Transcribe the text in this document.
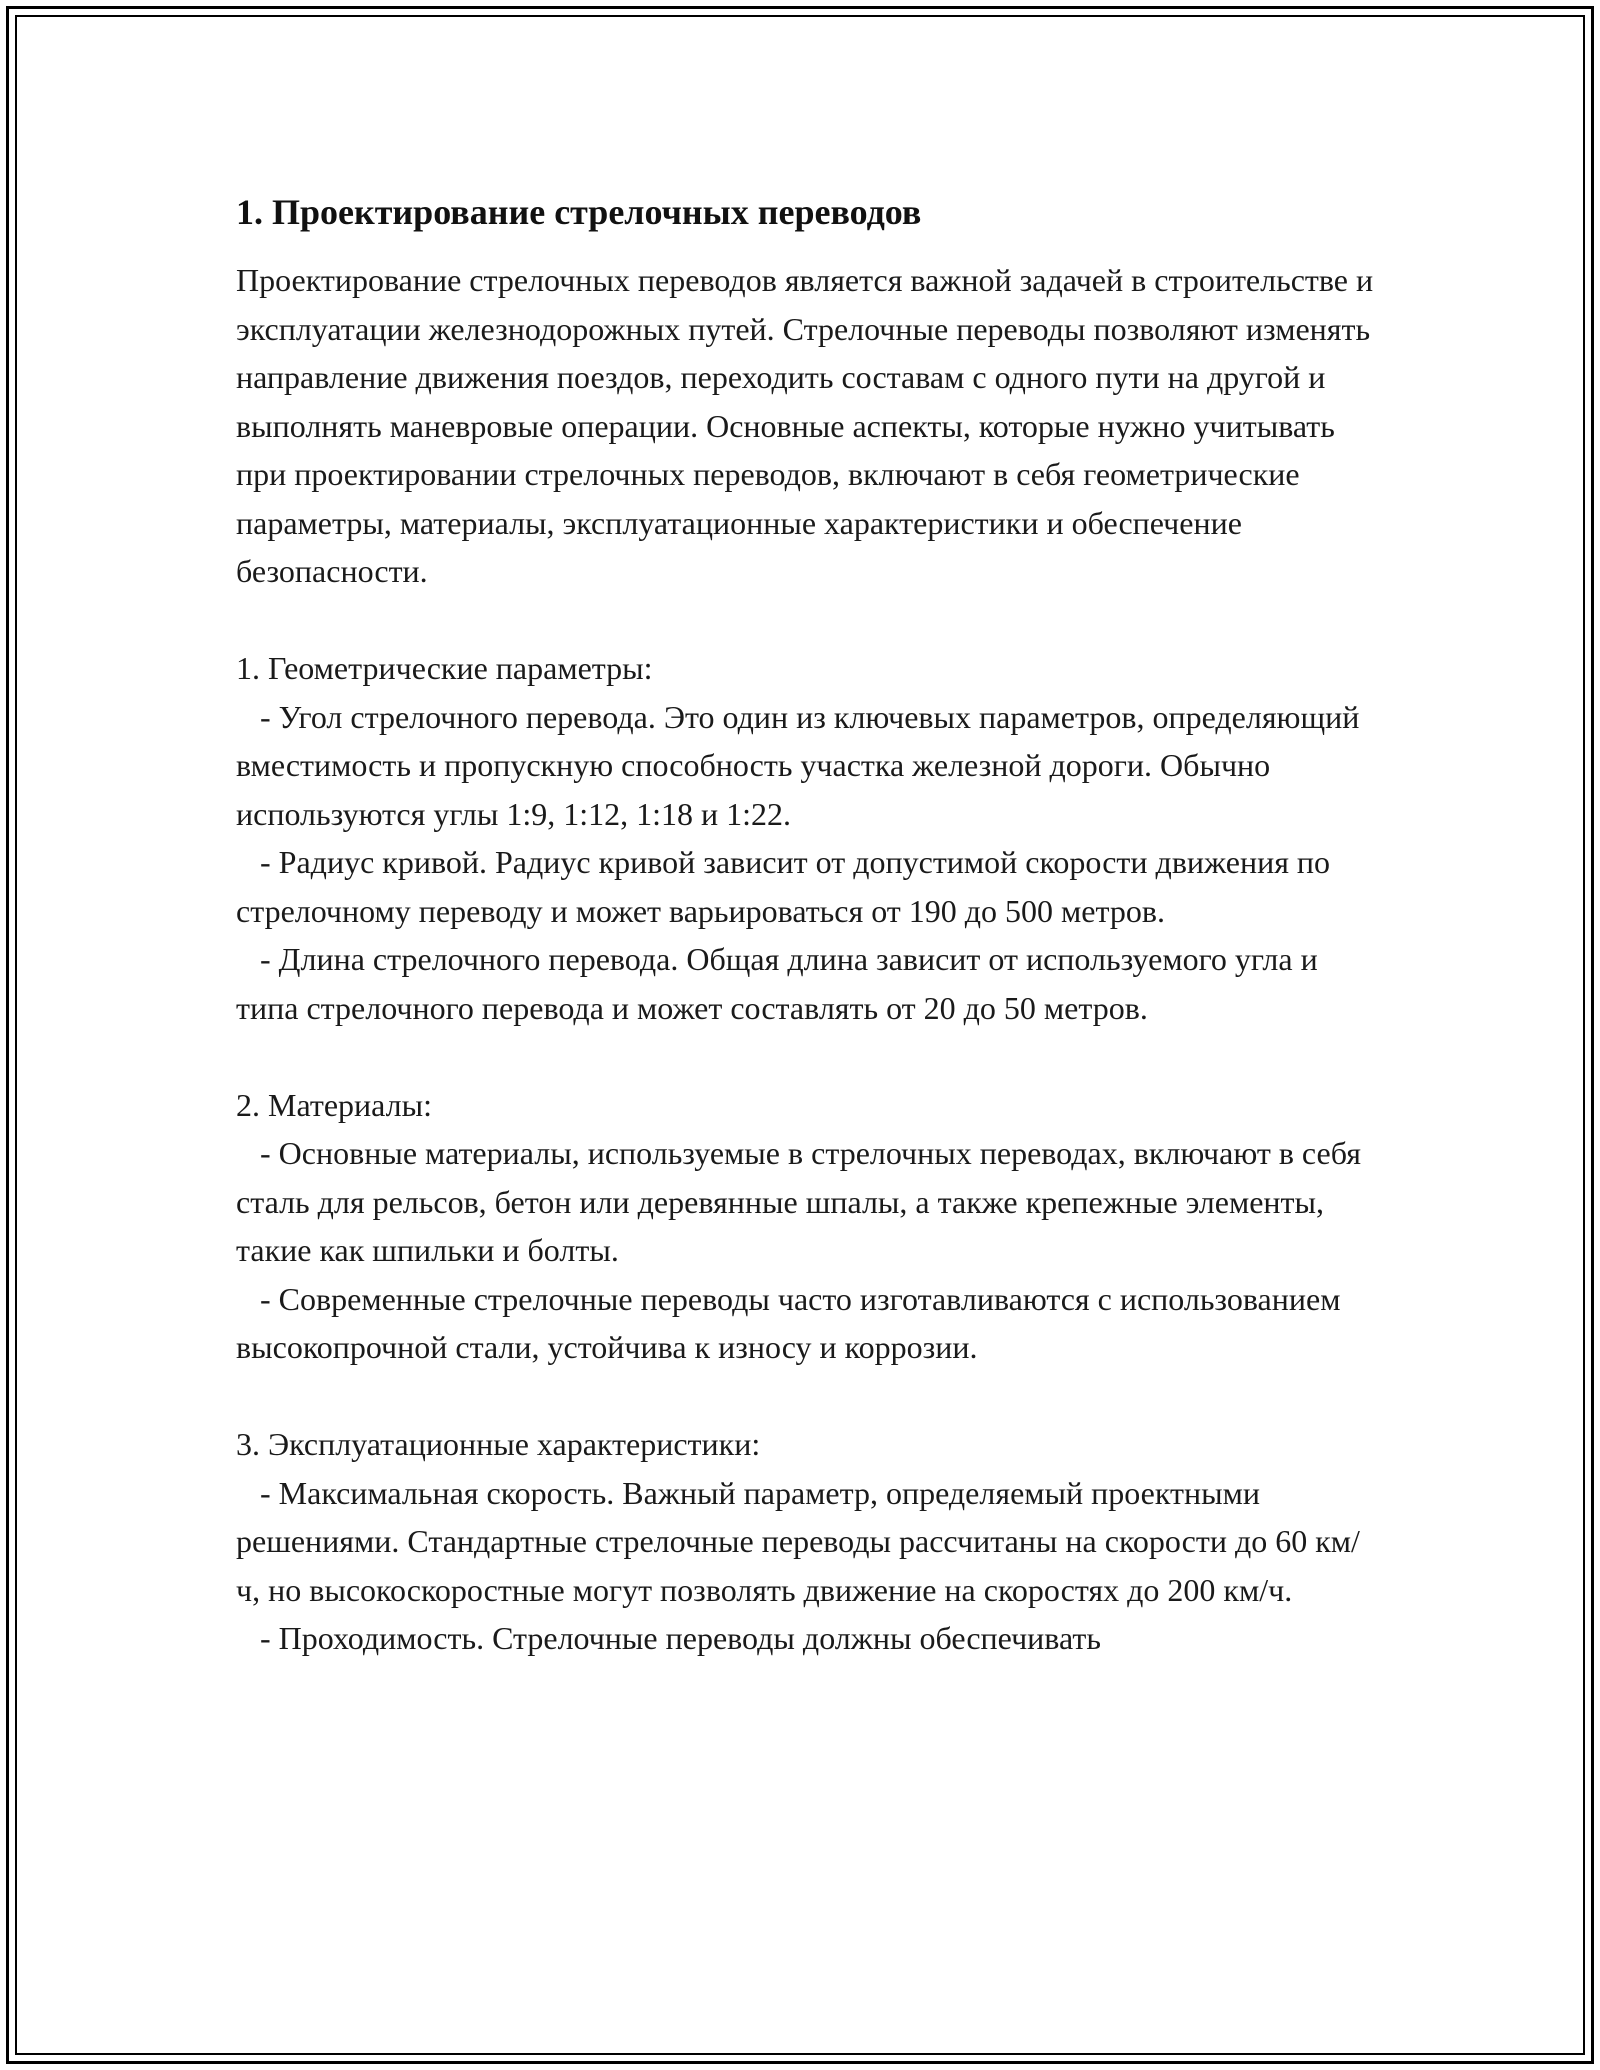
1. Проектирование стрелочных переводов

Проектирование стрелочных переводов является важной задачей в строительстве и эксплуатации железнодорожных путей. Стрелочные переводы позволяют изменять направление движения поездов, переходить составам с одного пути на другой и выполнять маневровые операции. Основные аспекты, которые нужно учитывать при проектировании стрелочных переводов, включают в себя геометрические параметры, материалы, эксплуатационные характеристики и обеспечение безопасности.

1. Геометрические параметры:

- Угол стрелочного перевода. Это один из ключевых параметров, определяющий вместимость и пропускную способность участка железной дороги. Обычно используются углы 1:9, 1:12, 1:18 и 1:22.

- Радиус кривой. Радиус кривой зависит от допустимой скорости движения по стрелочному переводу и может варьироваться от 190 до 500 метров.

- Длина стрелочного перевода. Общая длина зависит от используемого угла и типа стрелочного перевода и может составлять от 20 до 50 метров.

2. Материалы:

- Основные материалы, используемые в стрелочных переводах, включают в себя сталь для рельсов, бетон или деревянные шпалы, а также крепежные элементы, такие как шпильки и болты.

- Современные стрелочные переводы часто изготавливаются с использованием высокопрочной стали, устойчива к износу и коррозии.

3. Эксплуатационные характеристики:

- Максимальная скорость. Важный параметр, определяемый проектными решениями. Стандартные стрелочные переводы рассчитаны на скорости до 60 км/ч, но высокоскоростные могут позволять движение на скоростях до 200 км/ч.

- Проходимость. Стрелочные переводы должны обеспечивать
